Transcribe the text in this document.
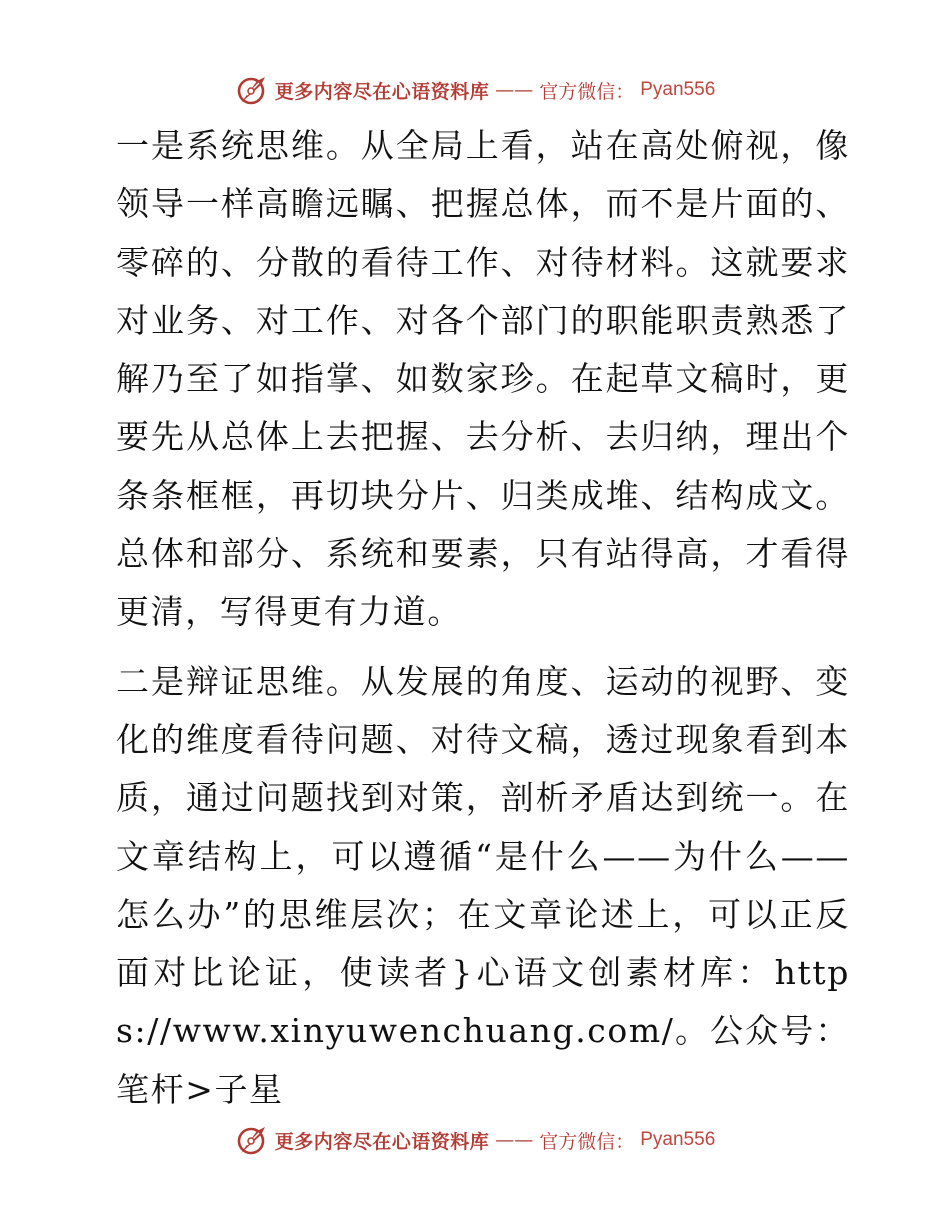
更多内容尽在心语资料库 —— 官方微信： Pyan556

一是系统思维。从全局上看，站在高处俯视，像领导一样高瞻远瞩、把握总体，而不是片面的、零碎的、分散的看待工作、对待材料。这就要求对业务、对工作、对各个部门的职能职责熟悉了解乃至了如指掌、如数家珍。在起草文稿时，更要先从总体上去把握、去分析、去归纳，理出个条条框框，再切块分片、归类成堆、结构成文。总体和部分、系统和要素，只有站得高，才看得更清，写得更有力道。

二是辩证思维。从发展的角度、运动的视野、变化的维度看待问题、对待文稿，透过现象看到本质，通过问题找到对策，剖析矛盾达到统一。在文章结构上，可以遵循“是什么——为什么——怎么办”的思维层次；在文章论述上，可以正反面对比论证，使读者}心语文创素材库：https://www.xinyuwenchuang.com/。公众号：笔杆>子星

更多内容尽在心语资料库 —— 官方微信： Pyan556
